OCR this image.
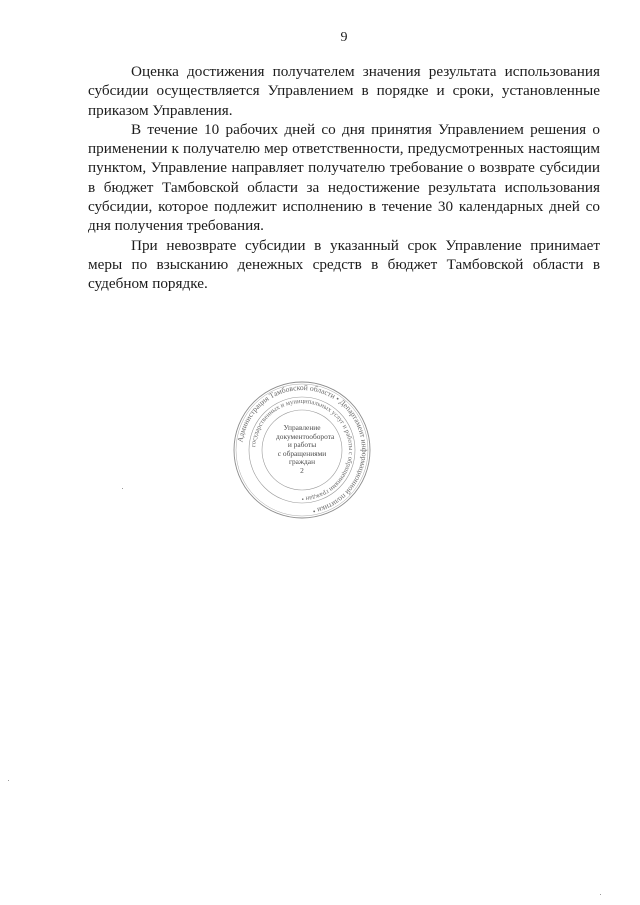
9

Оценка достижения получателем значения результата использования субсидии осуществляется Управлением в порядке и сроки, установленные приказом Управления.

В течение 10 рабочих дней со дня принятия Управлением решения о применении к получателю мер ответственности, предусмотренных настоящим пунктом, Управление направляет получателю требование о возврате субсидии в бюджет Тамбовской области за недостижение результата использования субсидии, которое подлежит исполнению в течение 30 календарных дней со дня получения требования.

При невозврате субсидии в указанный срок Управление принимает меры по взысканию денежных средств в бюджет Тамбовской области в судебном порядке.

Администрация Тамбовской области • Департамент информационной политики •
государственных и муниципальных услуг и работы с обращениями граждан •
Управление
документооборота
и работы
с обращениями
граждан
2
